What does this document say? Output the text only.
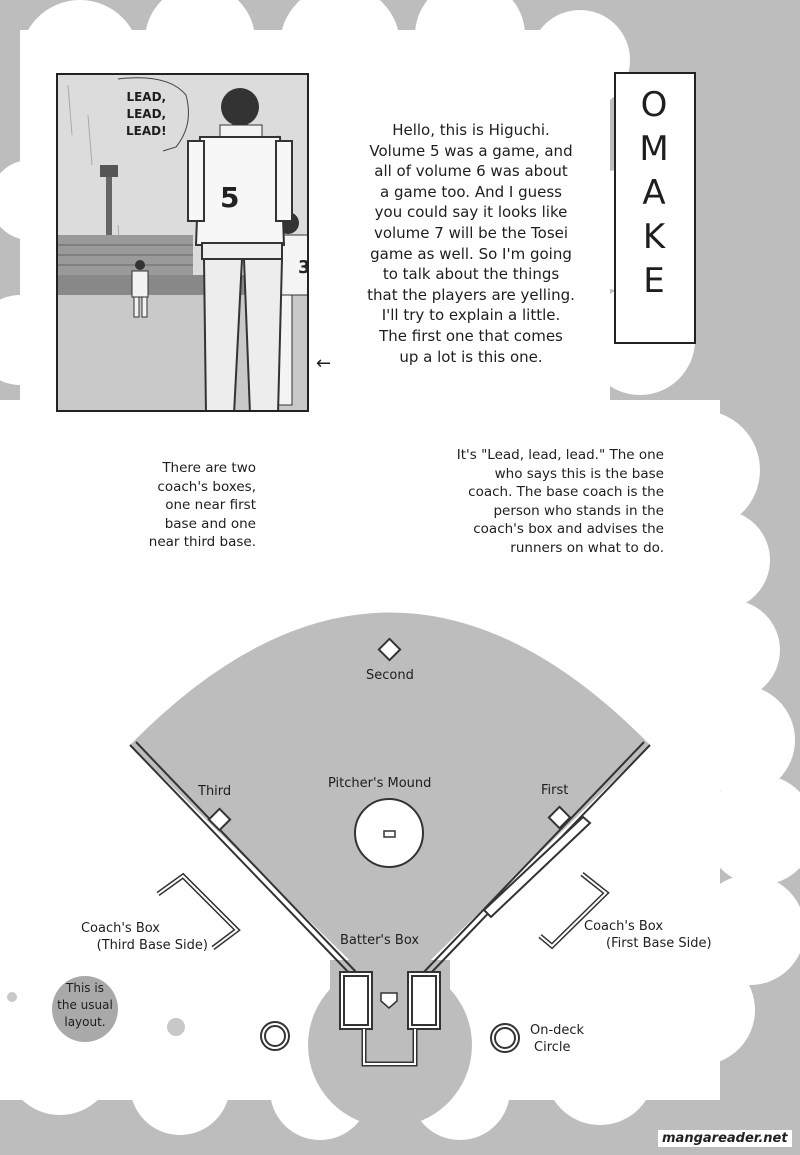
3
LEAD,
LEAD,
LEAD!
5
←
O
M
A
K
E
Hello, this is Higuchi.
Volume 5 was a game, and
all of volume 6 was about
a game too. And I guess
you could say it looks like
volume 7 will be the Tosei
game as well. So I'm going
to talk about the things
that the players are yelling.
I'll try to explain a little.
The first one that comes
up a lot is this one.
There are two
coach's boxes,
one near first
base and one
near third base.
It's "Lead, lead, lead." The one
who says this is the base
coach. The base coach is the
person who stands in the
coach's box and advises the
runners on what to do.
Second
Third	First
Pitcher's Mound
Batter's Box
Coach's Box
(Third Base Side)
Coach's Box
(First Base Side)
On-deck
Circle
This is
the usual
layout.
mangareader.net
